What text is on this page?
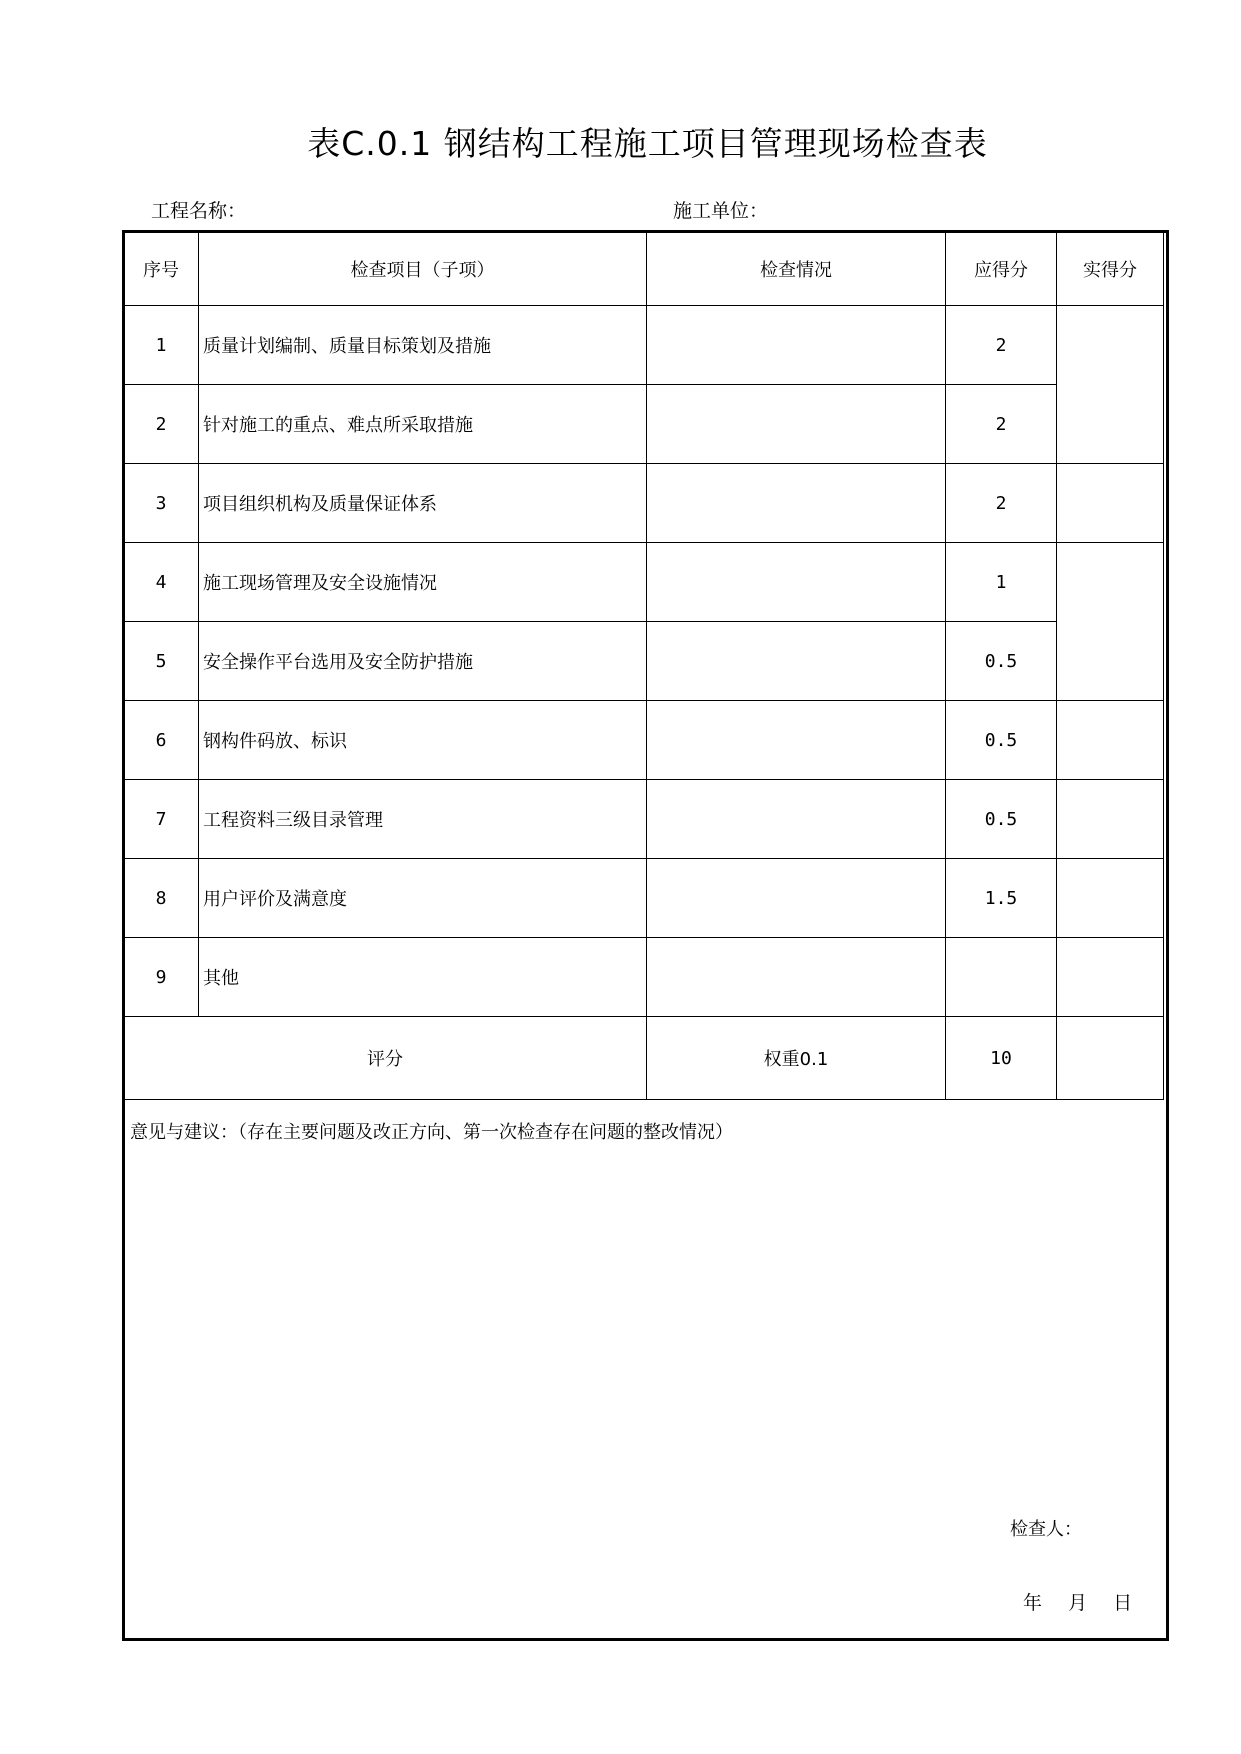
表C.0.1 钢结构工程施工项目管理现场检查表
工程名称：	施工单位：
序号	检查项目（子项）	检查情况	应得分	实得分
1	质量计划编制、质量目标策划及措施		2	
2	针对施工的重点、难点所采取措施		2	
3	项目组织机构及质量保证体系		2	
4	施工现场管理及安全设施情况		1	
5	安全操作平台选用及安全防护措施		0.5	
6	钢构件码放、标识		0.5	
7	工程资料三级目录管理		0.5	
8	用户评价及满意度		1.5	
9	其他			
评分		权重0.1	10	
意见与建议：（存在主要问题及改正方向、第一次检查存在问题的整改情况）
检查人：
年 月 日
